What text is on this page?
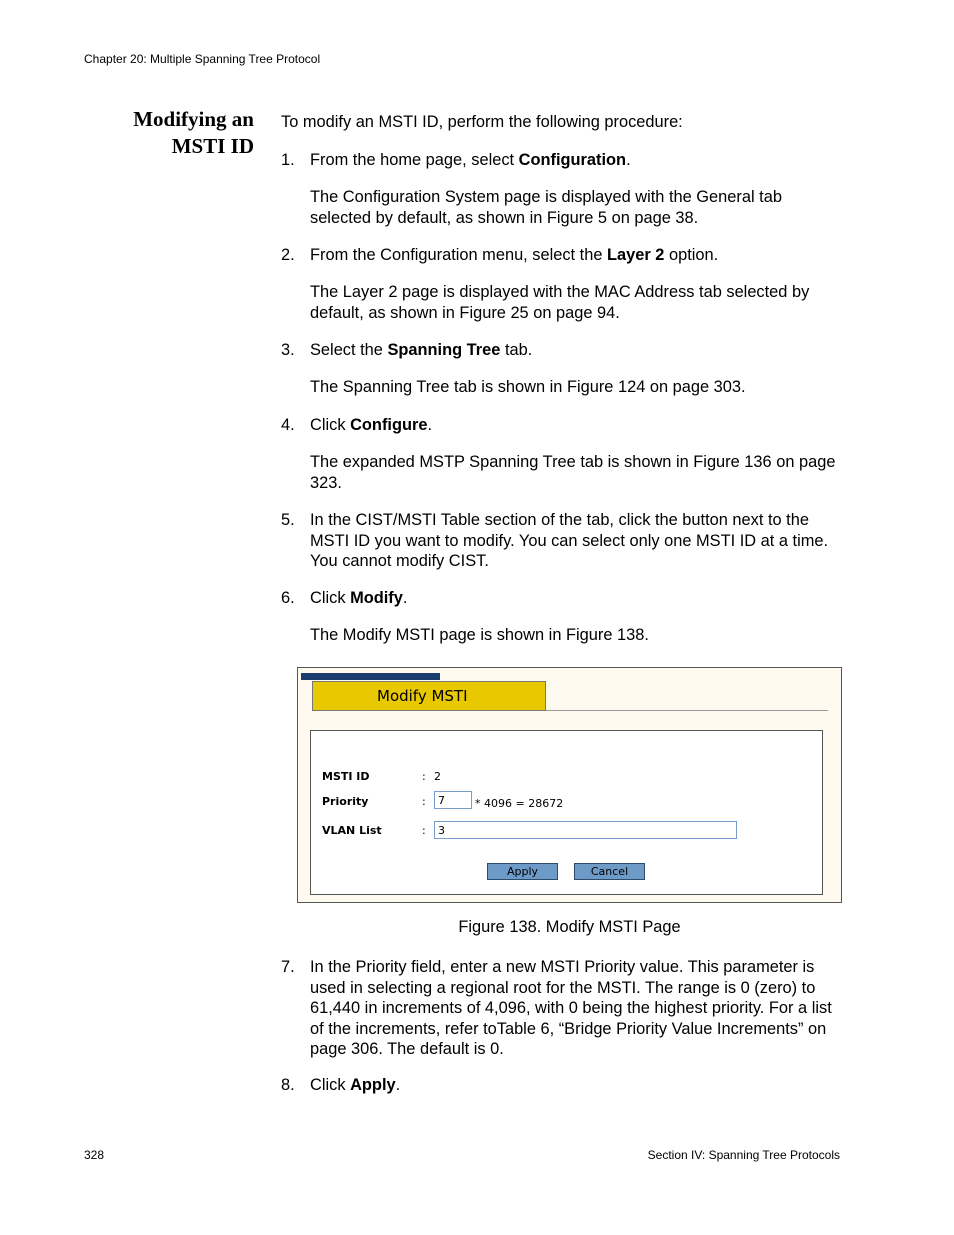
Chapter 20: Multiple Spanning Tree Protocol
Modifying an
MSTI ID
To modify an MSTI ID, perform the following procedure:
1. From the home page, select Configuration.
The Configuration System page is displayed with the General tab selected by default, as shown in Figure 5 on page 38.
2. From the Configuration menu, select the Layer 2 option.
The Layer 2 page is displayed with the MAC Address tab selected by default, as shown in Figure 25 on page 94.
3. Select the Spanning Tree tab.
The Spanning Tree tab is shown in Figure 124 on page 303.
4. Click Configure.
The expanded MSTP Spanning Tree tab is shown in Figure 136 on page 323.
5. In the CIST/MSTI Table section of the tab, click the button next to the MSTI ID you want to modify. You can select only one MSTI ID at a time. You cannot modify CIST.
6. Click Modify.
The Modify MSTI page is shown in Figure 138.
Modify MSTI
MSTI ID	: 2
Priority	:	7	* 4096 = 28672
VLAN List	:	3
Apply	Cancel
Figure 138. Modify MSTI Page
7. In the Priority field, enter a new MSTI Priority value. This parameter is used in selecting a regional root for the MSTI. The range is 0 (zero) to 61,440 in increments of 4,096, with 0 being the highest priority. For a list of the increments, refer toTable 6, “Bridge Priority Value Increments” on page 306. The default is 0.
8. Click Apply.
328	Section IV: Spanning Tree Protocols
